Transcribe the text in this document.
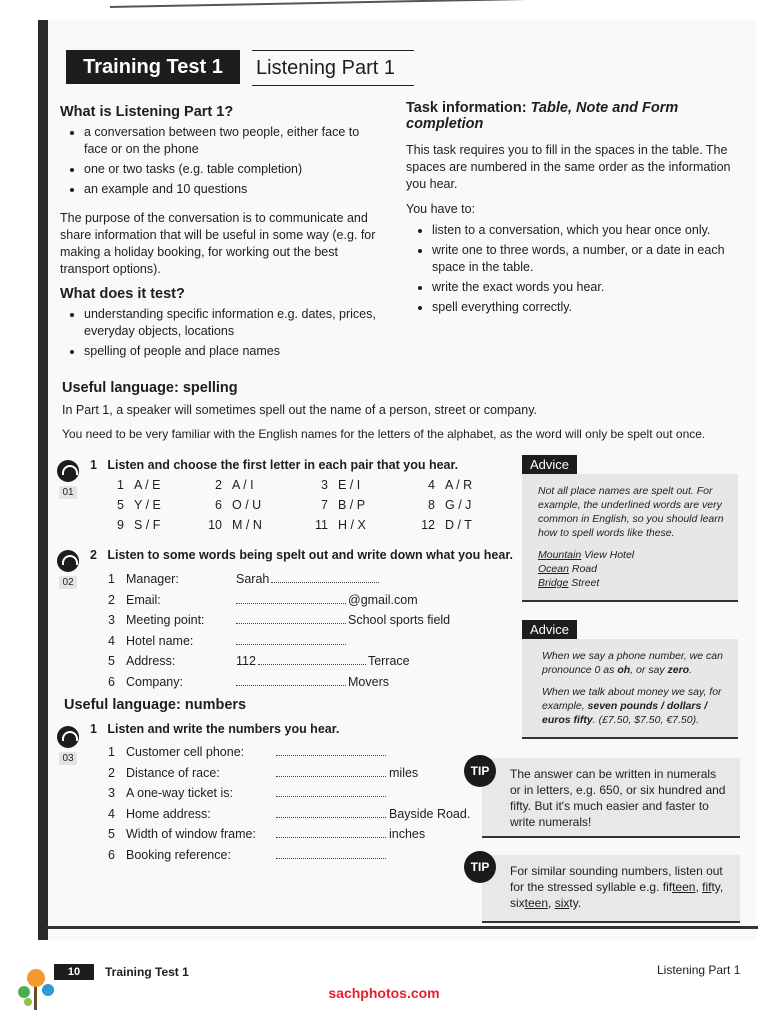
Training Test 1	Listening Part 1
What is Listening Part 1?
• a conversation between two people, either face to face or on the phone
• one or two tasks (e.g. table completion)
• an example and 10 questions

The purpose of the conversation is to communicate and share information that will be useful in some way (e.g. for making a holiday booking, for working out the best transport options).

What does it test?
• understanding specific information e.g. dates, prices, everyday objects, locations
• spelling of people and place names
Task information: Table, Note and Form completion

This task requires you to fill in the spaces in the table. The spaces are numbered in the same order as the information you hear.

You have to:

• listen to a conversation, which you hear once only.
• write one to three words, a number, or a date in each space in the table.
• write the exact words you hear.
• spell everything correctly.
Useful language: spelling

In Part 1, a speaker will sometimes spell out the name of a person, street or company.

You need to be very familiar with the English names for the letters of the alphabet, as the word will only be spelt out once.

01
1 Listen and choose the first letter in each pair that you hear.
1 A / E	2 A / I	3 E / I	4 A / R
5 Y / E	6 O / U	7 B / P	8 G / J
9 S / F	10 M / N	11 H / X	12 D / T
02
2 Listen to some words being spelt out and write down what you hear.
1 Manager:	Sarah
2 Email:	@gmail.com
3 Meeting point:	School sports field
4 Hotel name:
5 Address:	112	Terrace
6 Company:	Movers
Useful language: numbers
03
1 Listen and write the numbers you hear.
1 Customer cell phone:
2 Distance of race:	miles
3 A one-way ticket is:
4 Home address:	Bayside Road.
5 Width of window frame:	inches
6 Booking reference:
Advice
Not all place names are spelt out. For example, the underlined words are very common in English, so you should learn how to spell words like these.
Mountain View Hotel
Ocean Road
Bridge Street
Advice
When we say a phone number, we can pronounce 0 as oh, or say zero.
When we talk about money we say, for example, seven pounds / dollars / euros fifty. (£7.50, $7.50, €7.50).
The answer can be written in numerals or in letters, e.g. 650, or six hundred and fifty. But it's much easier and faster to write numerals!
TIP
For similar sounding numbers, listen out for the stressed syllable e.g. fifteen, fifty, sixteen, sixty.
TIP
10	Training Test 1	Listening Part 1
sachphotos.com
